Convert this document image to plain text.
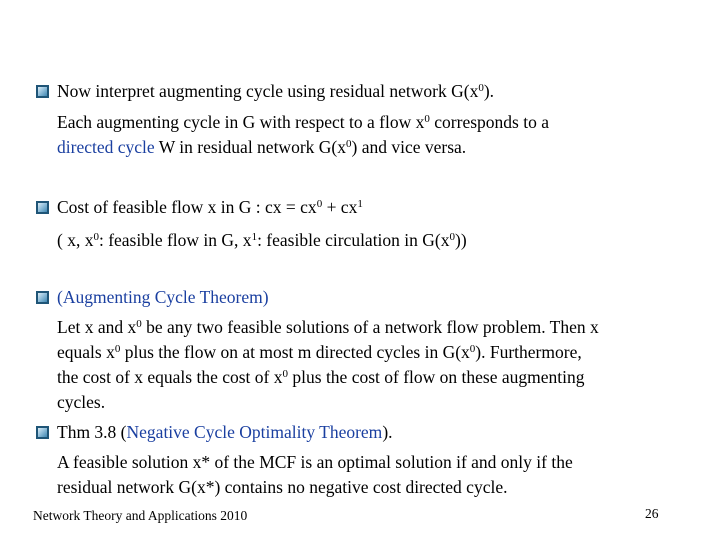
Now interpret augmenting cycle using residual network $G(x^0)$.
Each augmenting cycle in G with respect to a flow $x^0$ corresponds to a
directed cycle W in residual network $G(x^0)$ and vice versa.
Cost of feasible flow x in G : cx = $cx^0 + cx^1$
( x, $x^0$: feasible flow in G, $x^1$: feasible circulation in $G(x^0)$)
(Augmenting Cycle Theorem)
Let x and $x^0$ be any two feasible solutions of a network flow problem. Then x
equals $x^0$ plus the flow on at most m directed cycles in $G(x^0)$. Furthermore,
the cost of x equals the cost of $x^0$ plus the cost of flow on these augmenting
cycles.
Thm 3.8 (Negative Cycle Optimality Theorem).
A feasible solution x* of the MCF is an optimal solution if and only if the
residual network G(x*) contains no negative cost directed cycle.
Network Theory and Applications 2010	26
